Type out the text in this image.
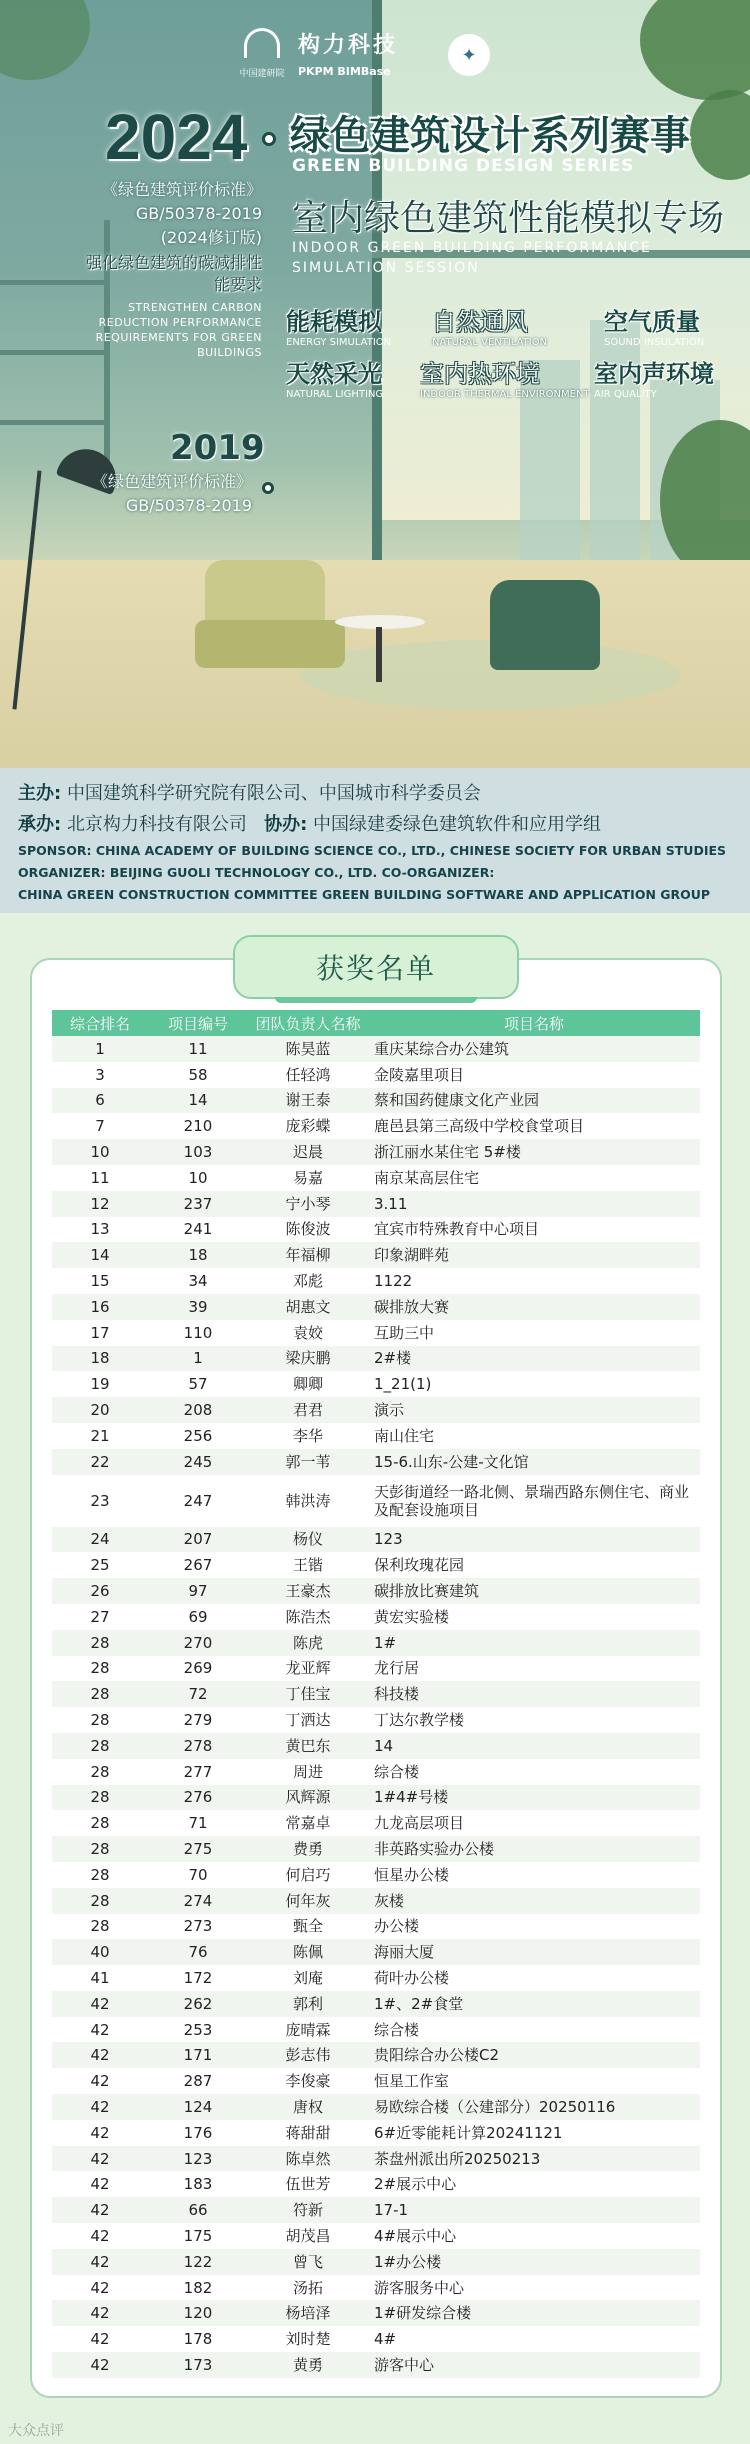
中国建研院
构力科技
PKPM BIMBase
✦
2024 绿色建筑设计系列赛事
GREEN BUILDING DESIGN SERIES
室内绿色建筑性能模拟专场
INDOOR GREEN BUILDING PERFORMANCE SIMULATION SESSION
《绿色建筑评价标准》
GB/50378-2019
(2024修订版)
强化绿色建筑的碳减排性能要求
STRENGTHEN CARBON REDUCTION PERFORMANCE REQUIREMENTS FOR GREEN BUILDINGS
能耗模拟
ENERGY SIMULATION
自然通风
NATURAL VENTILATION
空气质量
SOUND INSULATION
天然采光
NATURAL LIGHTING
室内热环境
INDOOR THERMAL ENVIRONMENT
室内声环境
AIR QUALITY
2019
《绿色建筑评价标准》
GB/50378-2019
主办: 中国建筑科学研究院有限公司、中国城市科学委员会
承办: 北京构力科技有限公司 协办: 中国绿建委绿色建筑软件和应用学组
SPONSOR: CHINA ACADEMY OF BUILDING SCIENCE CO., LTD., CHINESE SOCIETY FOR URBAN STUDIES
ORGANIZER: BEIJING GUOLI TECHNOLOGY CO., LTD. CO-ORGANIZER:
CHINA GREEN CONSTRUCTION COMMITTEE GREEN BUILDING SOFTWARE AND APPLICATION GROUP
获奖名单
综合排名	项目编号	团队负责人名称	项目名称
1	11	陈昊蓝	重庆某综合办公建筑
3	58	任轻鸿	金陵嘉里项目
6	14	谢王泰	蔡和国药健康文化产业园
7	210	庞彩蝶	鹿邑县第三高级中学校食堂项目
10	103	迟晨	浙江丽水某住宅 5#楼
11	10	易嘉	南京某高层住宅
12	237	宁小琴	3.11
13	241	陈俊波	宜宾市特殊教育中心项目
14	18	年福柳	印象湖畔苑
15	34	邓彪	1122
16	39	胡惠文	碳排放大赛
17	110	袁姣	互助三中
18	1	梁庆鹏	2#楼
19	57	卿卿	1_21(1)
20	208	君君	演示
21	256	李华	南山住宅
22	245	郭一苇	15-6.山东-公建-文化馆
23	247	韩洪涛	天彭街道经一路北侧、景瑞西路东侧住宅、商业及配套设施项目
24	207	杨仪	123
25	267	王锴	保利玫瑰花园
26	97	王豪杰	碳排放比赛建筑
27	69	陈浩杰	黄宏实验楼
28	270	陈虎	1#
28	269	龙亚辉	龙行居
28	72	丁佳宝	科技楼
28	279	丁洒达	丁达尔教学楼
28	278	黄巴东	14
28	277	周进	综合楼
28	276	风辉源	1#4#号楼
28	71	常嘉卓	九龙高层项目
28	275	费勇	非英路实验办公楼
28	70	何启巧	恒星办公楼
28	274	何年灰	灰楼
28	273	甄全	办公楼
40	76	陈佩	海丽大厦
41	172	刘庵	荷叶办公楼
42	262	郭利	1#、2#食堂
42	253	庞晴霖	综合楼
42	171	彭志伟	贵阳综合办公楼C2
42	287	李俊豪	恒星工作室
42	124	唐权	易欧综合楼（公建部分）20250116
42	176	蒋甜甜	6#近零能耗计算20241121
42	123	陈卓然	茶盘州派出所20250213
42	183	伍世芳	2#展示中心
42	66	符新	17-1
42	175	胡茂昌	4#展示中心
42	122	曾飞	1#办公楼
42	182	汤拓	游客服务中心
42	120	杨培泽	1#研发综合楼
42	178	刘时楚	4#
42	173	黄勇	游客中心
大众点评
